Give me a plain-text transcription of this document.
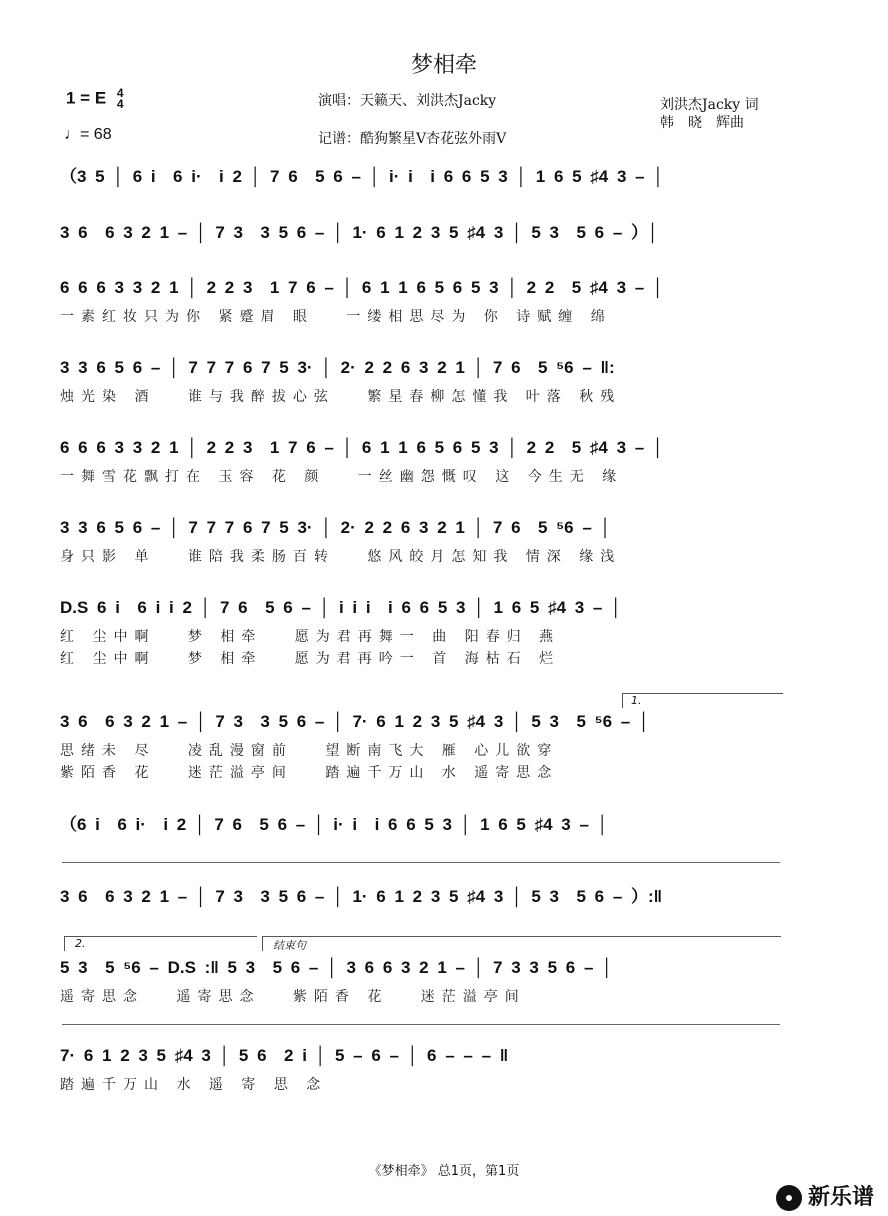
梦相牵
1 = E 4
4
♩= 68
演唱：天籁天、刘洪杰Jacky
记谱：酷狗繁星V杏花弦外雨V
刘洪杰Jacky 词
韩　晓　辉曲
（3 5 │ 6 i  6 i·  i 2 │ 7 6  5 6 – │ i· i  i 6 6 5 3 │ 1 6 5 ♯4 3 – │
3 6  6 3 2 1 – │ 7 3  3 5 6 – │ 1· 6 1 2 3 5 ♯4 3 │ 5 3  5 6 – ）│
6 6 6 3 3 2 1 │ 2 2 3  1 7 6 – │ 6 1 1 6 5 6 5 3 │ 2 2  5 ♯4 3 – │
一素红妆只为你 紧蹙眉 眼 　一缕相思尽为 你 诗赋缠 绵
3 3 6 5 6 – │ 7 7 7 6 7 5 3· │ 2· 2 2 6 3 2 1 │ 7 6  5 ⁵6 – ‖:
烛光染 酒 　谁与我醉拔心弦 　繁星春柳怎懂我 叶落 秋残
6 6 6 3 3 2 1 │ 2 2 3  1 7 6 – │ 6 1 1 6 5 6 5 3 │ 2 2  5 ♯4 3 – │
一舞雪花飘打在 玉容 花 颜 　一丝幽怨慨叹 这 今生无 缘
3 3 6 5 6 – │ 7 7 7 6 7 5 3· │ 2· 2 2 6 3 2 1 │ 7 6  5 ⁵6 – │
身只影 单 　谁陪我柔肠百转 　悠风皎月怎知我 情深 缘浅
D.S 6 i  6 i i 2 │ 7 6  5 6 – │ i i i  i 6 6 5 3 │ 1 6 5 ♯4 3 – │
红 尘中啊 　梦 相牵 　愿为君再舞一 曲 阳春归 燕
红 尘中啊 　梦 相牵 　愿为君再吟一 首 海枯石 烂
3 6  6 3 2 1 – │ 7 3  3 5 6 – │ 7· 6 1 2 3 5 ♯4 3 │ 5 3  5 ⁵6 – │
思绪未 尽 　凌乱漫窗前 　望断南飞大 雁 心儿欲穿
紫陌香 花 　迷茫溢亭间 　踏遍千万山 水 遥寄思念
（6 i  6 i·  i 2 │ 7 6  5 6 – │ i· i  i 6 6 5 3 │ 1 6 5 ♯4 3 – │
3 6  6 3 2 1 – │ 7 3  3 5 6 – │ 1· 6 1 2 3 5 ♯4 3 │ 5 3  5 6 – ）:‖
5 3  5 ⁵6 – D.S :‖ 5 3  5 6 – │ 3 6 6 3 2 1 – │ 7 3 3 5 6 – │
遥寄思念 　遥寄思念 　紫陌香 花 　迷茫溢亭间
7· 6 1 2 3 5 ♯4 3 │ 5 6  2 i │ 5 – 6 – │ 6 – – – ‖
踏遍千万山 水 遥 寄 思 念
1.
2.	结束句
《梦相牵》 总1页，第1页
新乐谱
